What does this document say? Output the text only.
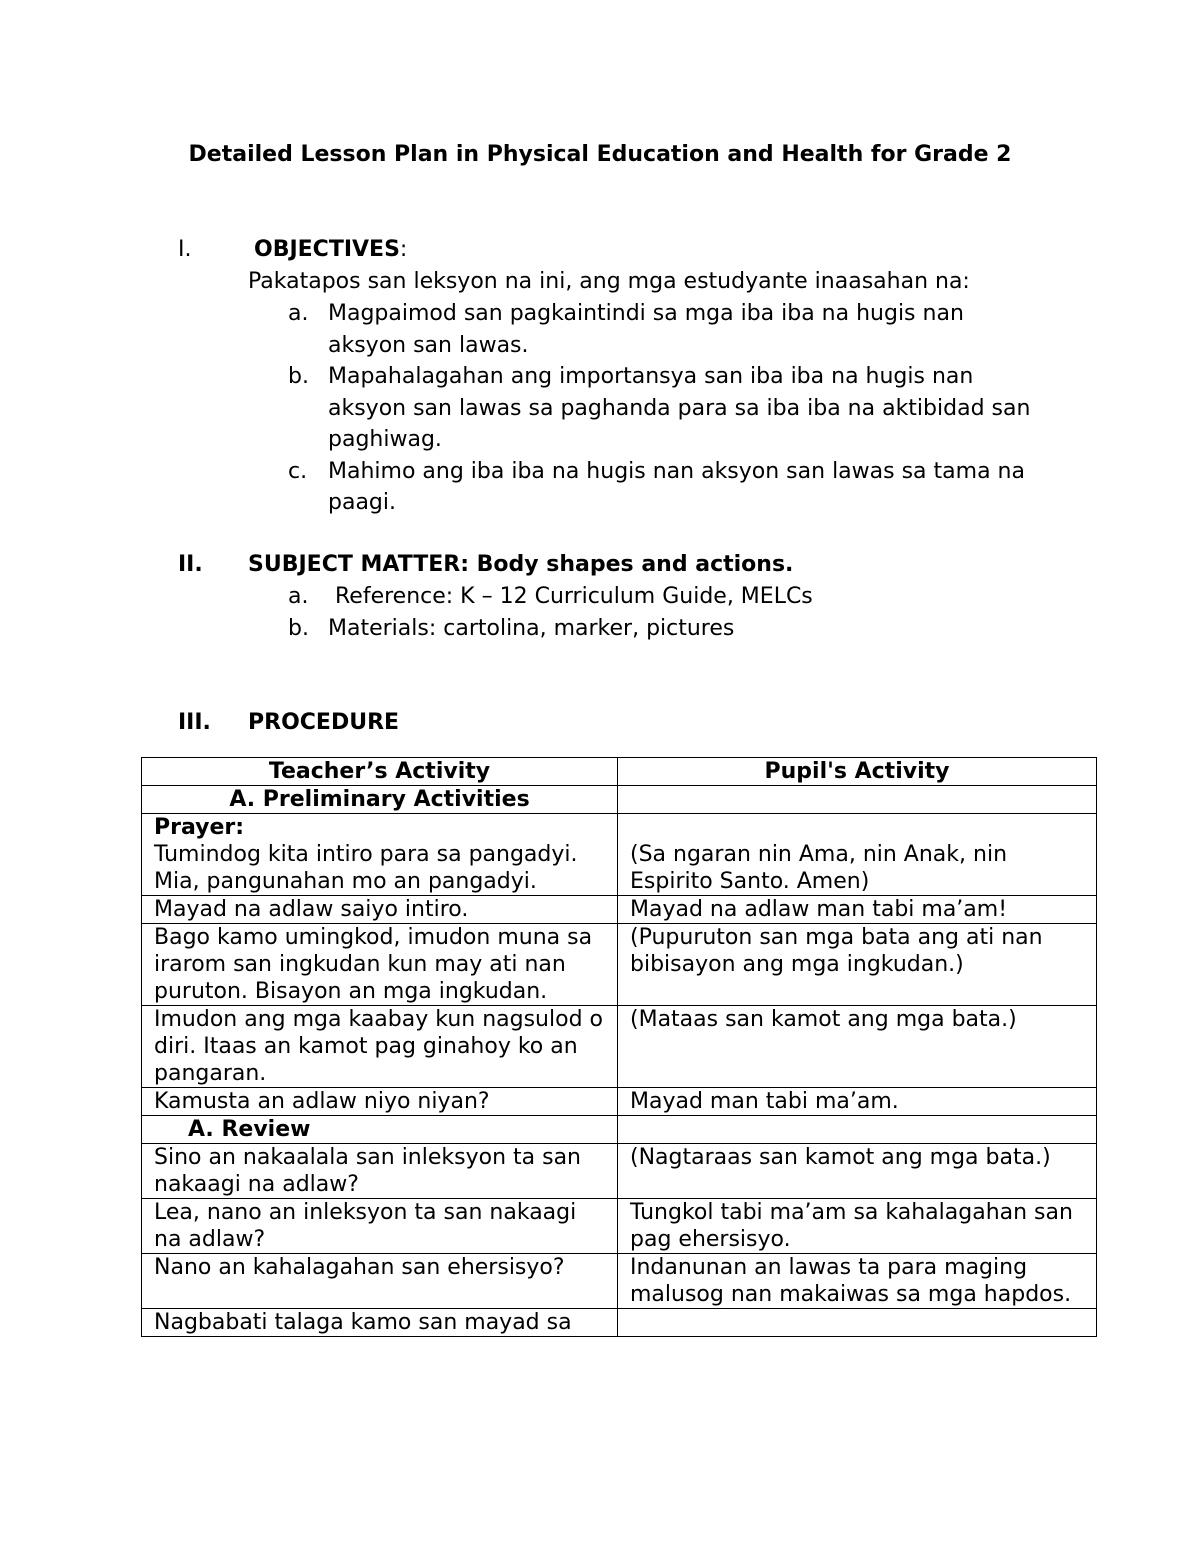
Detailed Lesson Plan in Physical Education and Health for Grade 2
I.	OBJECTIVES:
Pakatapos san leksyon na ini, ang mga estudyante inaasahan na:
a. Magpaimod san pagkaintindi sa mga iba iba na hugis nan aksyon san lawas.
b. Mapahalagahan ang importansya san iba iba na hugis nan aksyon san lawas sa paghanda para sa iba iba na aktibidad san paghiwag.
c. Mahimo ang iba iba na hugis nan aksyon san lawas sa tama na paagi.
II. SUBJECT MATTER: Body shapes and actions.
a. Reference: K – 12 Curriculum Guide, MELCs
b. Materials: cartolina, marker, pictures
III. PROCEDURE
Teacher’s Activity	Pupil's Activity
A. Preliminary Activities	

Prayer:
Tumindog kita intiro para sa pangadyi. Mia, pangunahan mo an pangadyi.	(Sa ngaran nin Ama, nin Anak, nin Espirito Santo. Amen)

Mayad na adlaw saiyo intiro.	Mayad na adlaw man tabi ma’am!
Bago kamo umingkod, imudon muna sa irarom san ingkudan kun may ati nan puruton. Bisayon an mga ingkudan.	(Pupuruton san mga bata ang ati nan bibisayon ang mga ingkudan.)
Imudon ang mga kaabay kun nagsulod o diri. Itaas an kamot pag ginahoy ko an pangaran.	(Mataas san kamot ang mga bata.)
Kamusta an adlaw niyo niyan?	Mayad man tabi ma’am.
A. Review	
Sino an nakaalala san inleksyon ta san nakaagi na adlaw?	(Nagtaraas san kamot ang mga bata.)
Lea, nano an inleksyon ta san nakaagi na adlaw?	Tungkol tabi ma’am sa kahalagahan san pag ehersisyo.
Nano an kahalagahan san ehersisyo?	Indanunan an lawas ta para maging malusog nan makaiwas sa mga hapdos.
Nagbabati talaga kamo san mayad sa	
